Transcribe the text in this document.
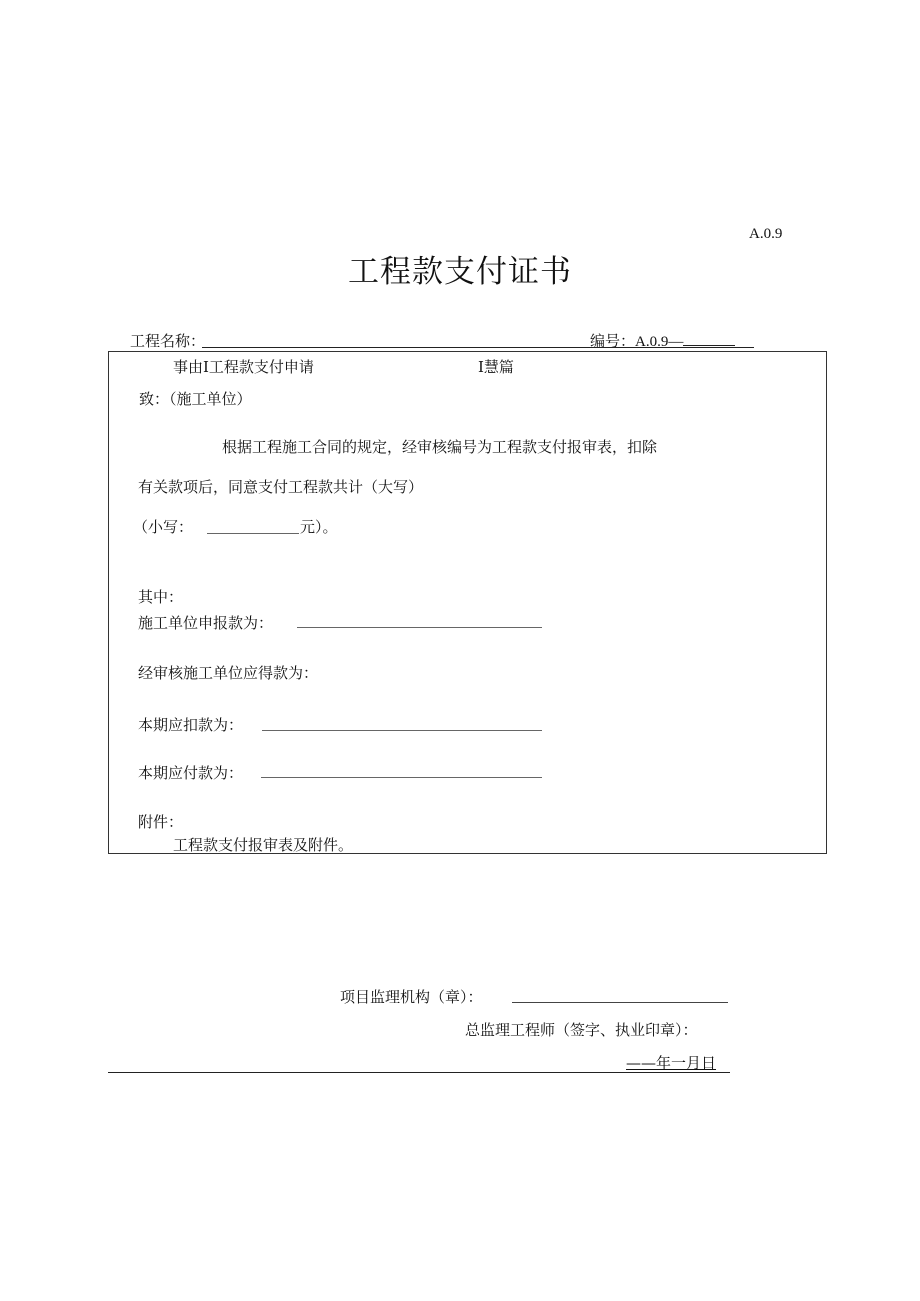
A.0.9
工程款支付证书
工程名称：	编号：A.0.9—
事由I工程款支付申请	I慧篇
致：（施工单位）
根据工程施工合同的规定，经审核编号为工程款支付报审表，扣除
有关款项后，同意支付工程款共计（大写）
（小写：	元）。
其中：
施工单位申报款为：
经审核施工单位应得款为：
本期应扣款为：
本期应付款为：
附件：
工程款支付报审表及附件。
项目监理机构（章）：
总监理工程师（签字、执业印章）：
——年一月日
